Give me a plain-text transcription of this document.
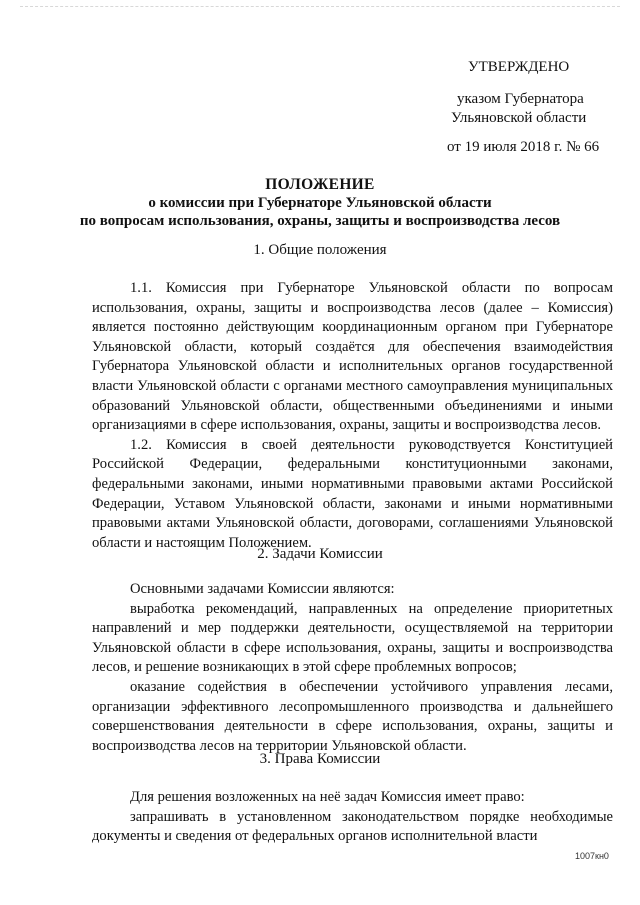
УТВЕРЖДЕНО
указом Губернатора
Ульяновской области
от 19 июля 2018 г. № 66
ПОЛОЖЕНИЕ
о комиссии при Губернаторе Ульяновской области
по вопросам использования, охраны, защиты и воспроизводства лесов
1. Общие положения

1.1. Комиссия при Губернаторе Ульяновской области по вопросам использования, охраны, защиты и воспроизводства лесов (далее – Комиссия) является постоянно действующим координационным органом при Губернаторе Ульяновской области, который создаётся для обеспечения взаимодействия Губернатора Ульяновской области и исполнительных органов государственной власти Ульяновской области с органами местного самоуправления муниципальных образований Ульяновской области, общественными объединениями и иными организациями в сфере использования, охраны, защиты и воспроизводства лесов.

1.2. Комиссия в своей деятельности руководствуется Конституцией Российской Федерации, федеральными конституционными законами, федеральными законами, иными нормативными правовыми актами Российской Федерации, Уставом Ульяновской области, законами и иными нормативными правовыми актами Ульяновской области, договорами, соглашениями Ульяновской области и настоящим Положением.

2. Задачи Комиссии

Основными задачами Комиссии являются:

выработка рекомендаций, направленных на определение приоритетных направлений и мер поддержки деятельности, осуществляемой на территории Ульяновской области в сфере использования, охраны, защиты и воспроизводства лесов, и решение возникающих в этой сфере проблемных вопросов;

оказание содействия в обеспечении устойчивого управления лесами, организации эффективного лесопромышленного производства и дальнейшего совершенствования деятельности в сфере использования, охраны, защиты и воспроизводства лесов на территории Ульяновской области.

3. Права Комиссии

Для решения возложенных на неё задач Комиссия имеет право:

запрашивать в установленном законодательством порядке необходимые документы и сведения от федеральных органов исполнительной власти

1007кн0
